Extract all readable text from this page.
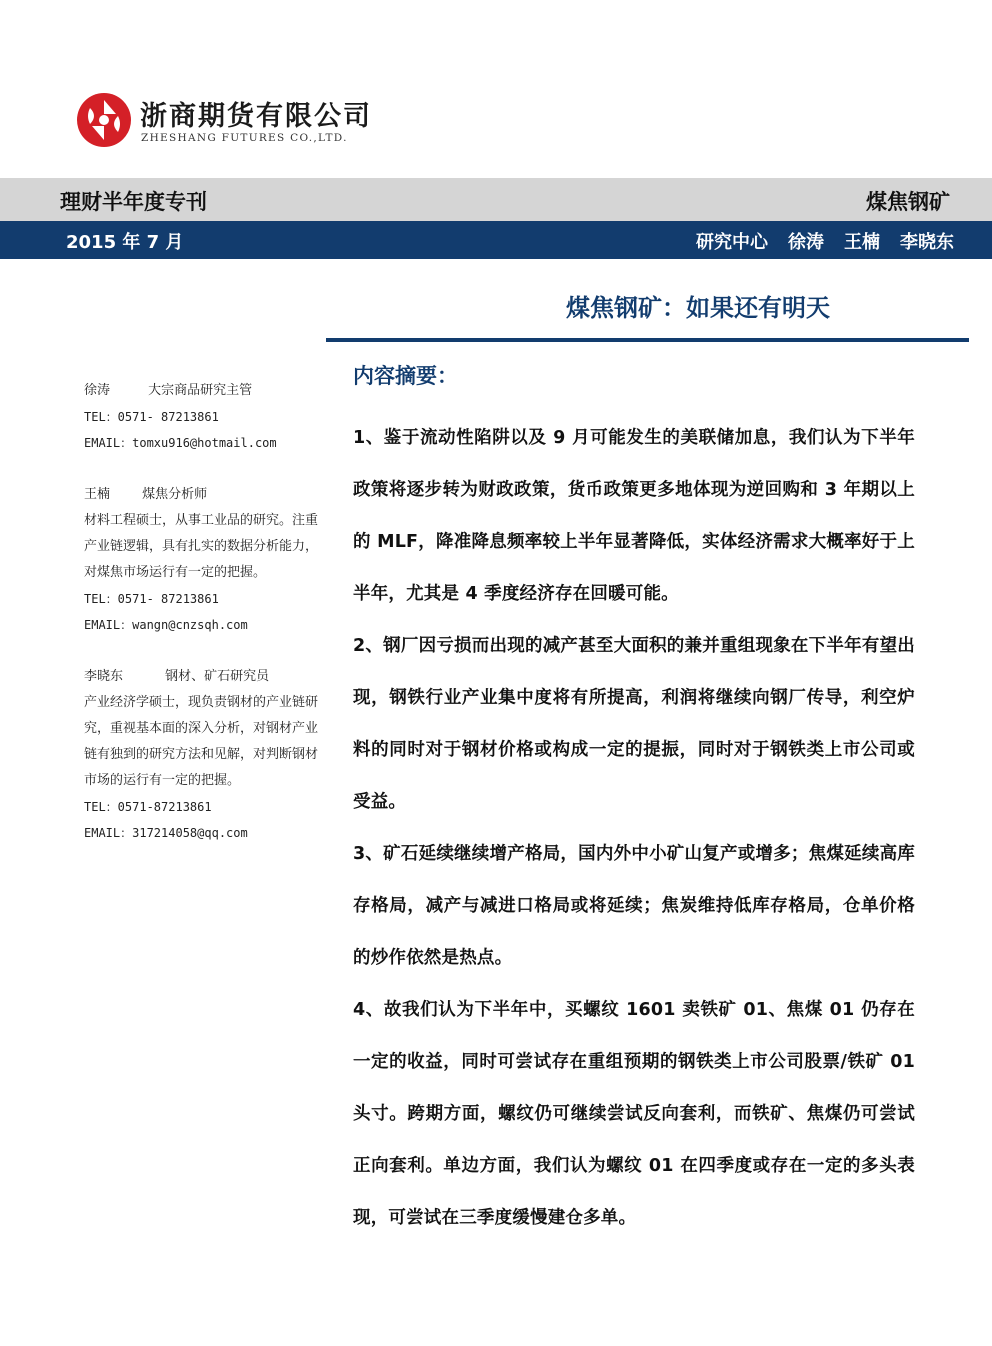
浙商期货有限公司
ZHESHANG FUTURES CO.,LTD.
理财半年度专刊	煤焦钢矿
2015 年 7 月	研究中心 徐涛 王楠 李晓东
煤焦钢矿：如果还有明天
徐涛	大宗商品研究主管
TEL：0571- 87213861
EMAIL：tomxu916@hotmail.com
王楠 煤焦分析师
材料工程硕士，从事工业品的研究。注重产业链逻辑，具有扎实的数据分析能力，对煤焦市场运行有一定的把握。
TEL：0571- 87213861
EMAIL：wangn@cnzsqh.com
李晓东	钢材、矿石研究员
产业经济学硕士，现负责钢材的产业链研究，重视基本面的深入分析，对钢材产业链有独到的研究方法和见解，对判断钢材市场的运行有一定的把握。
TEL：0571-87213861
EMAIL：317214058@qq.com
内容摘要：

1、鉴于流动性陷阱以及 9 月可能发生的美联储加息，我们认为下半年政策将逐步转为财政政策，货币政策更多地体现为逆回购和 3 年期以上的 MLF，降准降息频率较上半年显著降低，实体经济需求大概率好于上半年，尤其是 4 季度经济存在回暖可能。

2、钢厂因亏损而出现的减产甚至大面积的兼并重组现象在下半年有望出现，钢铁行业产业集中度将有所提高，利润将继续向钢厂传导，利空炉料的同时对于钢材价格或构成一定的提振，同时对于钢铁类上市公司或受益。

3、矿石延续继续增产格局，国内外中小矿山复产或增多；焦煤延续高库存格局，减产与减进口格局或将延续；焦炭维持低库存格局，仓单价格的炒作依然是热点。

4、故我们认为下半年中，买螺纹 1601 卖铁矿 01、焦煤 01 仍存在一定的收益，同时可尝试存在重组预期的钢铁类上市公司股票/铁矿 01 头寸。跨期方面，螺纹仍可继续尝试反向套利，而铁矿、焦煤仍可尝试正向套利。单边方面，我们认为螺纹 01 在四季度或存在一定的多头表现，可尝试在三季度缓慢建仓多单。
